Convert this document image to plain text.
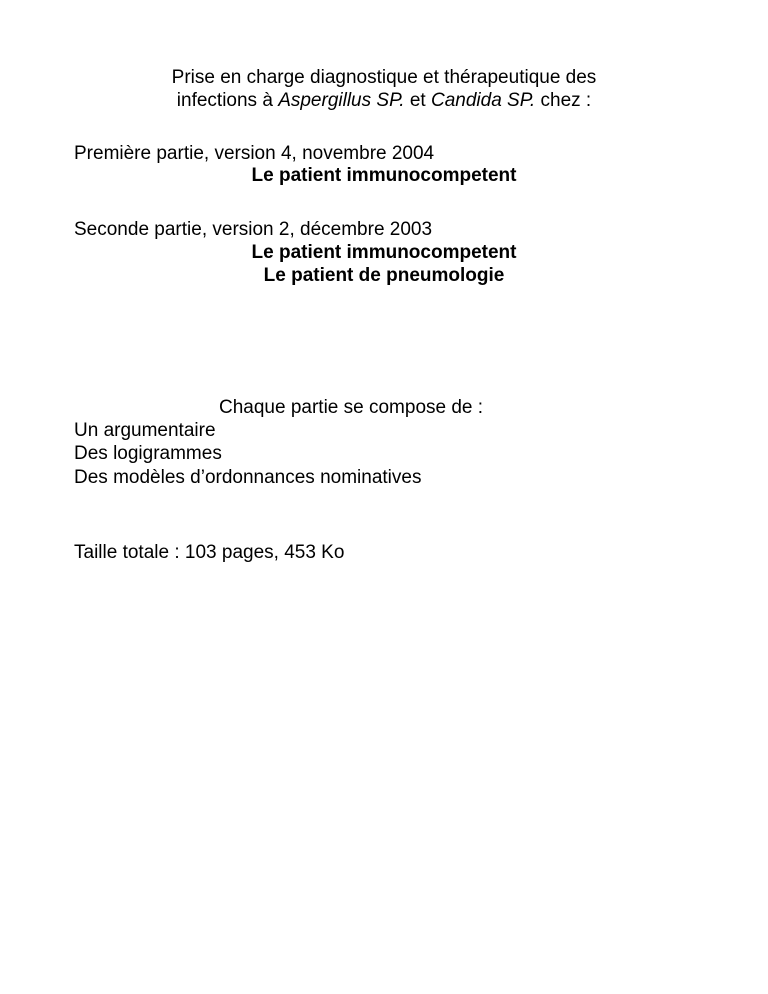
Prise en charge diagnostique et thérapeutique des
infections à Aspergillus SP. et Candida SP. chez :
Première partie, version 4, novembre 2004
Le patient immunocompetent
Seconde partie, version 2, décembre 2003
Le patient immunocompetent
Le patient de pneumologie
Chaque partie se compose de :
Un argumentaire
Des logigrammes
Des modèles d’ordonnances nominatives
Taille totale : 103 pages, 453 Ko
